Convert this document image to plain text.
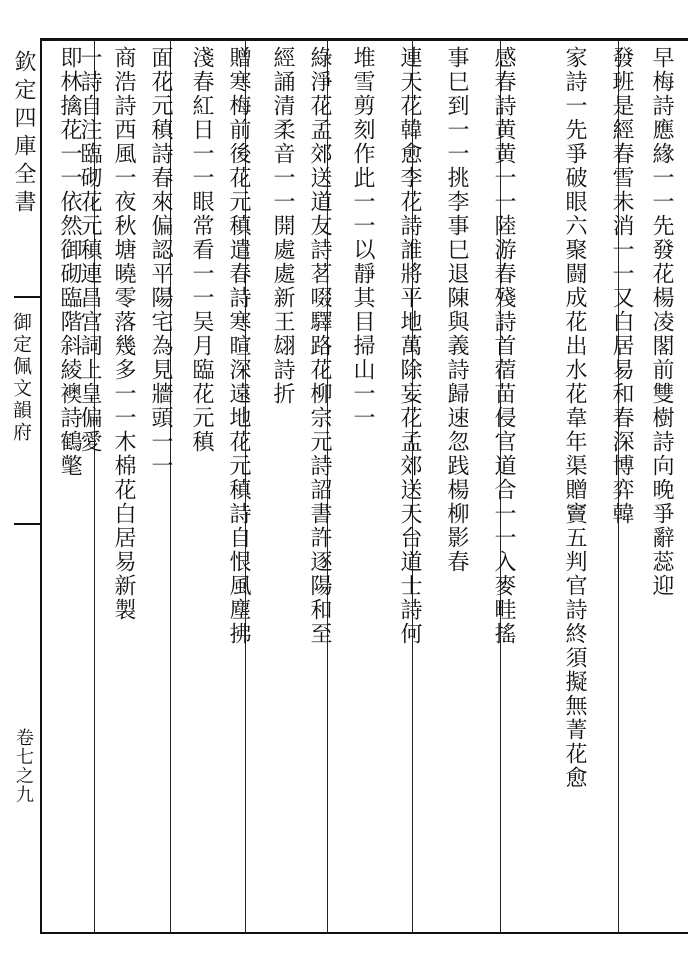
欽定四庫全書
御定佩文韻府
卷七之九
早梅詩應緣一一先發花楊凌閣前雙樹詩向晚爭辭蕊迎
發班是經春雪未消一一又白居易和春深博弈韓
家詩一先爭破眼六聚闘成花出水花韋年渠贈竇五判官詩終須擬無菁花愈
感春詩黄黄一一陸游春殘詩首蓿苗侵官道合一一入麥畦搖
事巳到一一挑李事巳退陳與義詩歸速忽践楊柳影春
連天花韓愈李花詩誰將平地萬除妄花孟郊送天台道士詩何
堆雪剪刻作此一一以靜其目掃山一一
綠淨花孟郊送道友詩茗啜驛路花柳宗元詩詔書許逐陽和至
經誦清柔音一一開處處新王翃詩折
贈寒梅前後花元稹遣春詩寒暄深遠地花元稹詩自恨風塵拂
淺春紅日一一眼常看一一吴月臨花元稹
面花元稹詩春來偏認平陽宅為見牆頭一一
商浩詩西風一夜秋塘曉零落幾多一一木棉花白居易新製
一詩自注臨砌花元稹連昌宫詞上皇偏愛
即林擒花一一依然御砌臨階斜綾襖詩鶴氅
